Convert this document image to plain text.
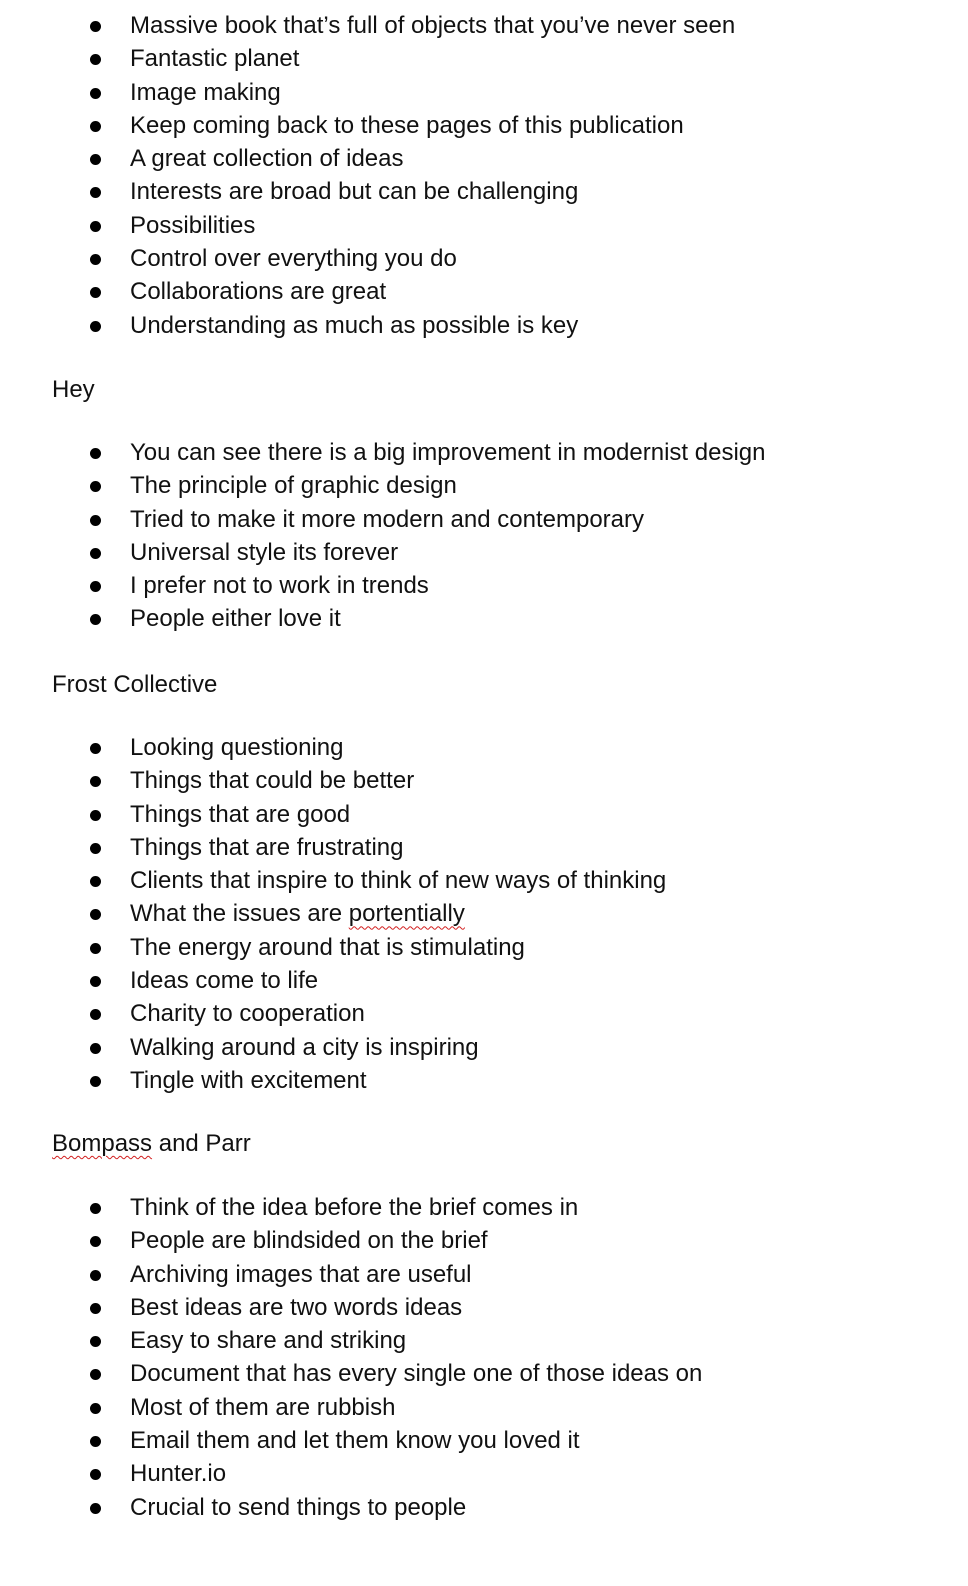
Massive book that’s full of objects that you’ve never seen
Fantastic planet
Image making
Keep coming back to these pages of this publication
A great collection of ideas
Interests are broad but can be challenging
Possibilities
Control over everything you do
Collaborations are great
Understanding as much as possible is key
Hey
You can see there is a big improvement in modernist design
The principle of graphic design
Tried to make it more modern and contemporary
Universal style its forever
I prefer not to work in trends
People either love it
Frost Collective
Looking questioning
Things that could be better
Things that are good
Things that are frustrating
Clients that inspire to think of new ways of thinking
What the issues are portentially
The energy around that is stimulating
Ideas come to life
Charity to cooperation
Walking around a city is inspiring
Tingle with excitement
Bompass and Parr
Think of the idea before the brief comes in
People are blindsided on the brief
Archiving images that are useful
Best ideas are two words ideas
Easy to share and striking
Document that has every single one of those ideas on
Most of them are rubbish
Email them and let them know you loved it
Hunter.io
Crucial to send things to people
